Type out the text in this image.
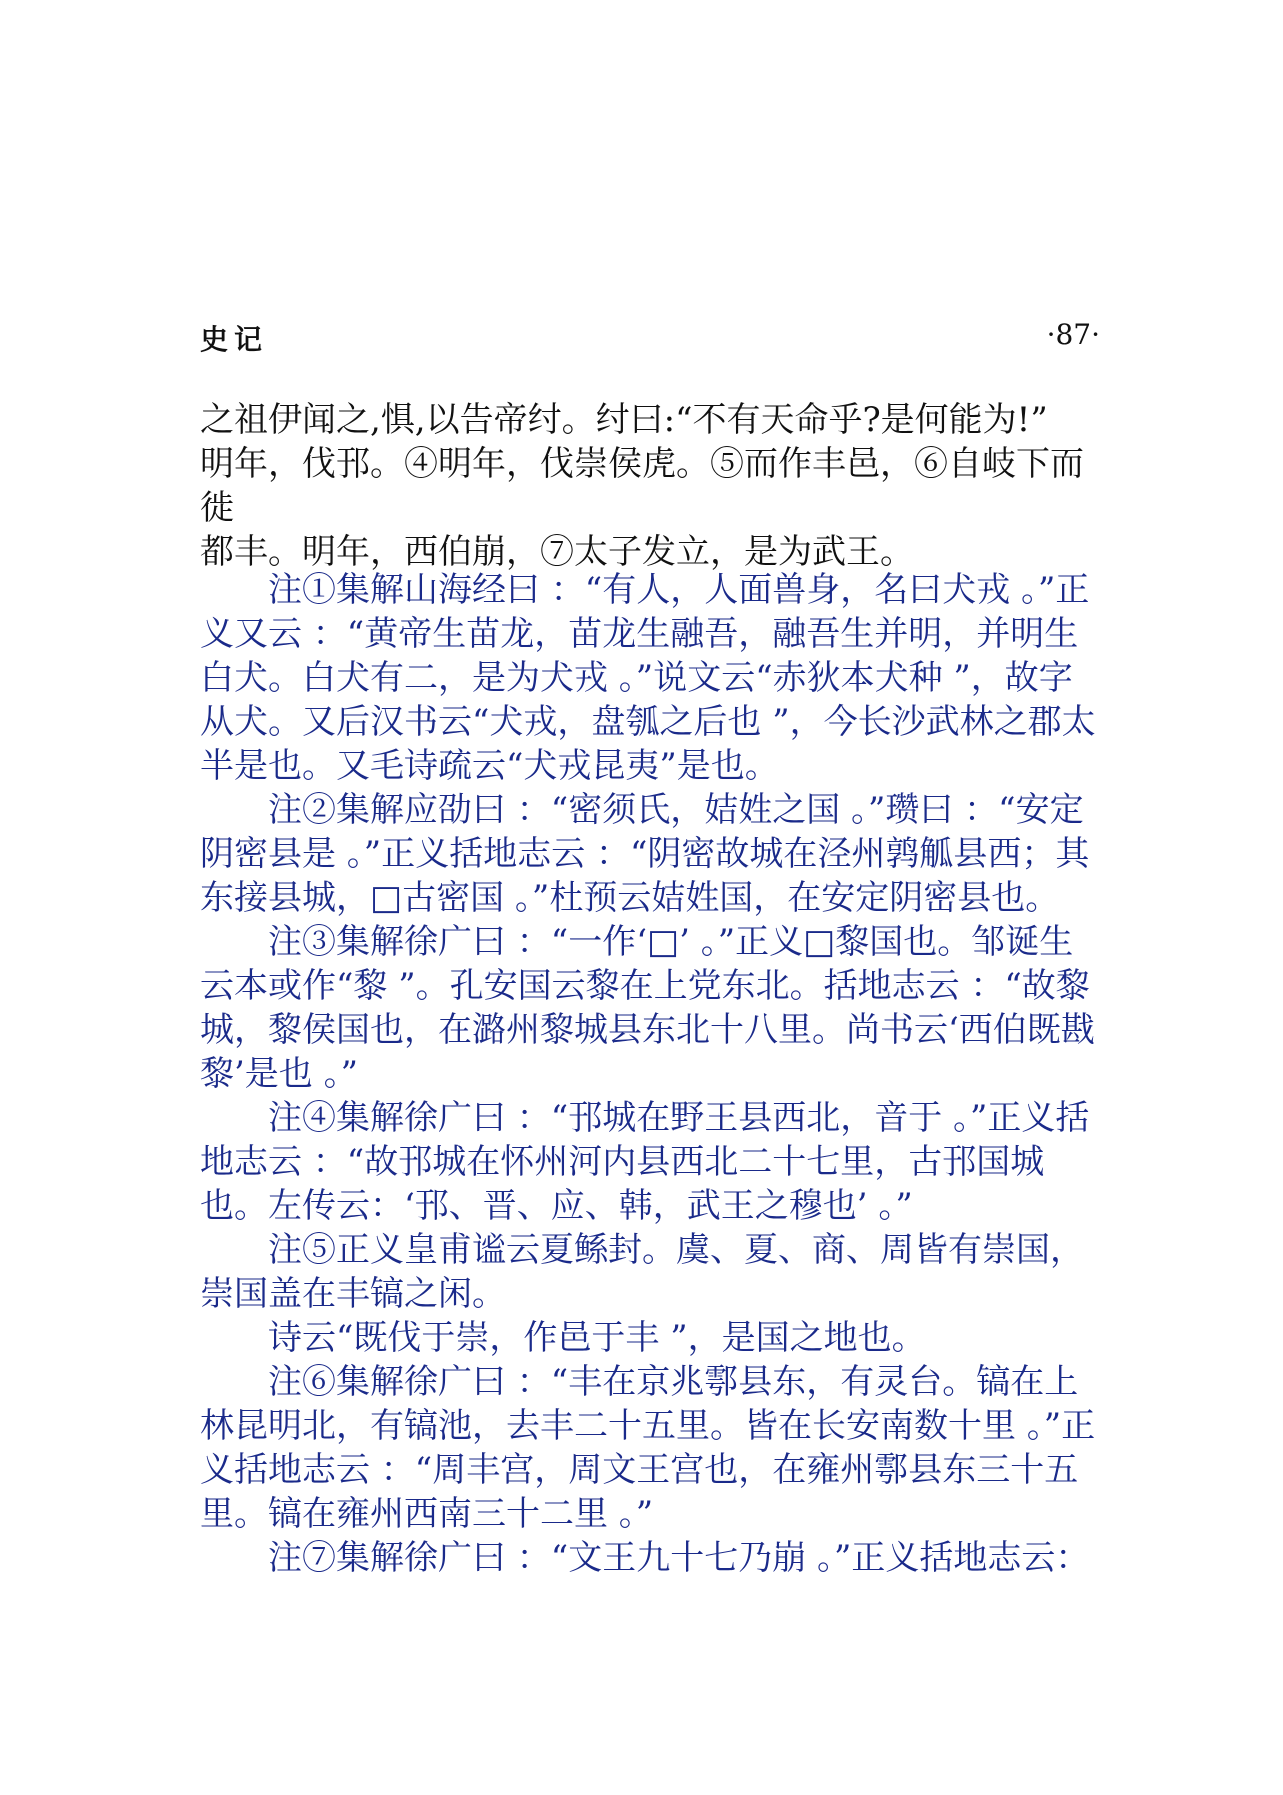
史记	·87·

之祖伊闻之,惧,以告帝纣。纣曰:“不有天命乎?是何能为!”

明年，伐邘。④明年，伐崇侯虎。⑤而作丰邑，⑥自岐下而徙

都丰。明年，西伯崩，⑦太子发立，是为武王。

注①集解山海经曰 ：“有人，人面兽身，名曰犬戎 。”正义又云 ：“黄帝生苗龙，苗龙生融吾，融吾生并明，并明生白犬。白犬有二，是为犬戎 。”说文云“赤狄本犬种 ”，故字从犬。又后汉书云“犬戎，盘瓠之后也 ”，今长沙武林之郡太半是也。又毛诗疏云“犬戎昆夷”是也。

注②集解应劭曰 ：“密须氏，姞姓之国 。”瓒曰 ：“安定阴密县是 。”正义括地志云 ：“阴密故城在泾州鹑觚县西；其东接县城，□古密国 。”杜预云姞姓国，在安定阴密县也。

注③集解徐广曰 ：“一作‘□’ 。”正义□黎国也。邹诞生云本或作“黎 ”。孔安国云黎在上党东北。括地志云 ：“故黎城，黎侯国也，在潞州黎城县东北十八里。尚书云‘西伯既戡黎’是也 。”

注④集解徐广曰 ：“邘城在野王县西北，音于 。”正义括地志云 ：“故邘城在怀州河内县西北二十七里，古邘国城也。左传云：‘邘、晋、应、韩，武王之穆也’ 。”

注⑤正义皇甫谧云夏鲧封。虞、夏、商、周皆有崇国，崇国盖在丰镐之闲。

诗云“既伐于崇，作邑于丰 ”，是国之地也。

注⑥集解徐广曰 ：“丰在京兆鄠县东，有灵台。镐在上林昆明北，有镐池，去丰二十五里。皆在长安南数十里 。”正义括地志云 ：“周丰宫，周文王宫也，在雍州鄠县东三十五里。镐在雍州西南三十二里 。”

注⑦集解徐广曰 ：“文王九十七乃崩 。”正义括地志云：
